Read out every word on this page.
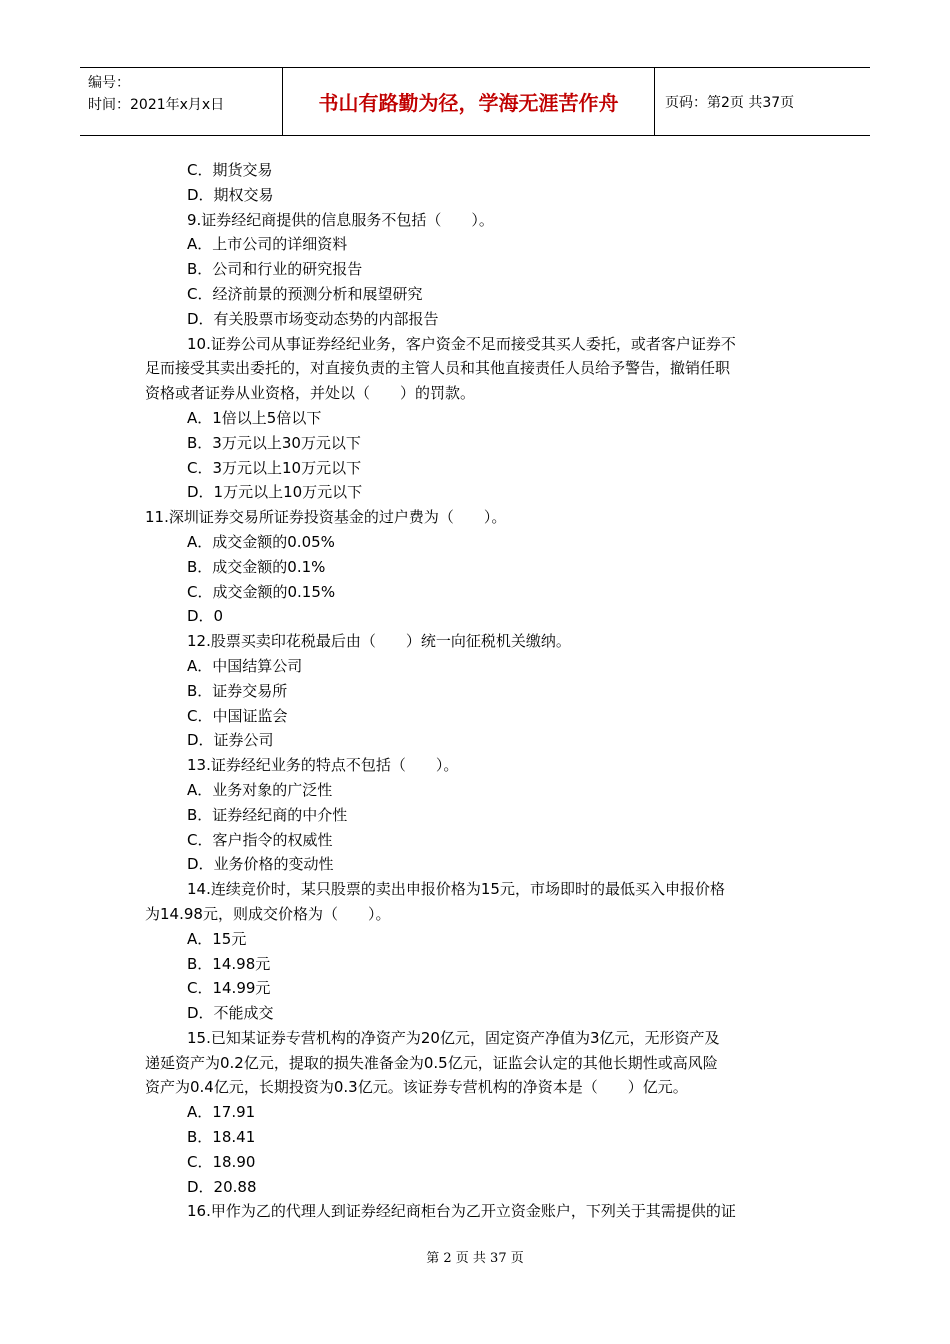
编号：
时间：2021年x月x日	书山有路勤为径，学海无涯苦作舟	页码：第2页 共37页
C．期货交易
D．期权交易
9.证券经纪商提供的信息服务不包括（　　）。
A．上市公司的详细资料
B．公司和行业的研究报告
C．经济前景的预测分析和展望研究
D．有关股票市场变动态势的内部报告
10.证券公司从事证券经纪业务，客户资金不足而接受其买人委托，或者客户证券不
足而接受其卖出委托的，对直接负责的主管人员和其他直接责任人员给予警告，撤销任职
资格或者证券从业资格，并处以（　　）的罚款。
A．1倍以上5倍以下
B．3万元以上30万元以下
C．3万元以上10万元以下
D．1万元以上10万元以下
11.深圳证券交易所证券投资基金的过户费为（　　）。
A．成交金额的0.05%
B．成交金额的0.1%
C．成交金额的0.15%
D．0
12.股票买卖印花税最后由（　　）统一向征税机关缴纳。
A．中国结算公司
B．证券交易所
C．中国证监会
D．证券公司
13.证券经纪业务的特点不包括（　　）。
A．业务对象的广泛性
B．证券经纪商的中介性
C．客户指令的权威性
D．业务价格的变动性
14.连续竞价时，某只股票的卖出申报价格为15元，市场即时的最低买入申报价格
为14.98元，则成交价格为（　　）。
A．15元
B．14.98元
C．14.99元
D．不能成交
15.已知某证券专营机构的净资产为20亿元，固定资产净值为3亿元，无形资产及
递延资产为0.2亿元，提取的损失准备金为0.5亿元，证监会认定的其他长期性或高风险
资产为0.4亿元，长期投资为0.3亿元。该证券专营机构的净资本是（　　）亿元。
A．17.91
B．18.41
C．18.90
D．20.88
16.甲作为乙的代理人到证券经纪商柜台为乙开立资金账户，下列关于其需提供的证
第 2 页 共 37 页
